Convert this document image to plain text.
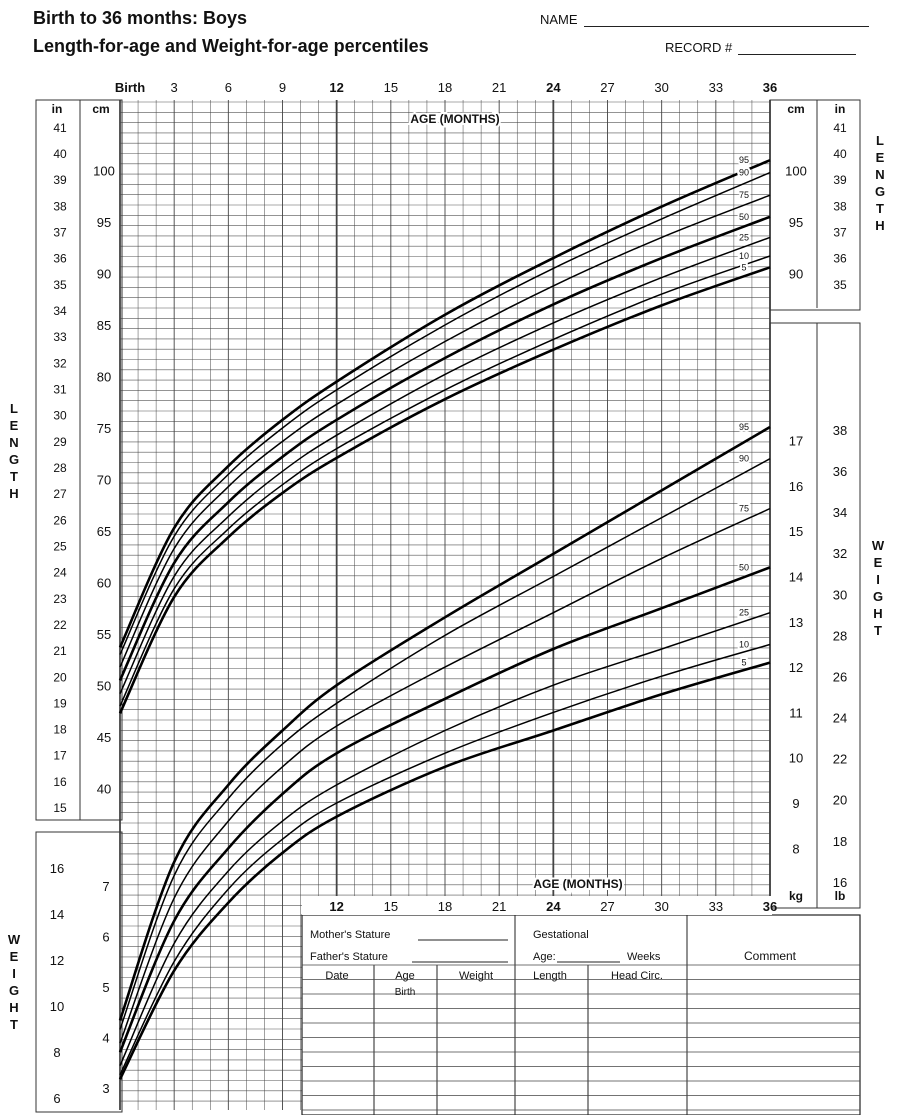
Birth to 36 months: Boys
Length-for-age and Weight-for-age percentiles
NAME
RECORD #
Birth 3	6	9	12	15	18	21	24	27	30	33	36
AGE (MONTHS)
15
16
17
18
19
20
21
22
23
24
25
26
27
28
29
30
31
32
33
34
35
36
37
38
39
40
41
40
45
50
55
60
65
70
75
80
85
90
95
100
in cm
90
95
100
35
36
37
38
39
40
41
cm in
8
9
10
11
12
13
14
15
16
17
16
18
20
22
24
26
28
30
32
34
36
38
kg	lb
3
4
5
6
7
6
8
10
12
14
16
L
E
N
G
T
H
L
E
N
G
T
H
W
E
I
G
H
T
W
E
I
G
H
T
95
90
75
50
25
10
5
95
90
75
50
25
10
5
12	15	18	21	24	27	30	33	36
Mother's Stature
Father's Stature
Gestational
Age:	Weeks	Comment
Date	Age	Weight	Length	Head Circ.
Birth
AGE (MONTHS)
